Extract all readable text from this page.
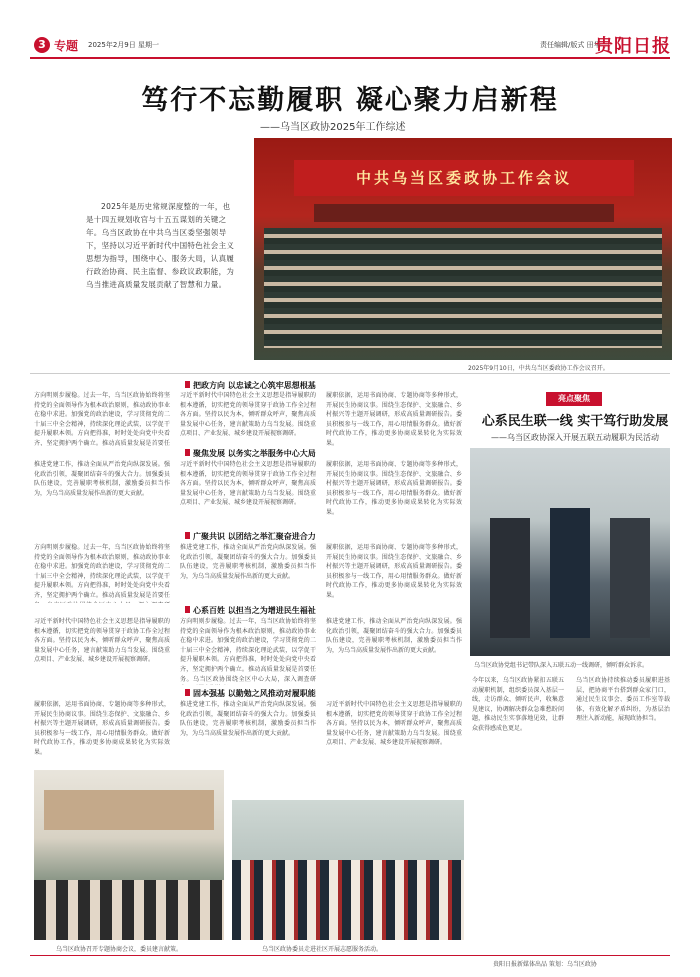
3 专题 2025年2月9日 星期一	责任编辑/版式 田华
贵阳日报
笃行不忘勤履职 凝心聚力启新程
——乌当区政协2025年工作综述
2025年是历史常规深度整的一年，也是十四五规划收官与十五五谋划的关键之年。乌当区政协在中共乌当区委坚强领导下，坚持以习近平新时代中国特色社会主义思想为指导，围绕中心、服务大局，认真履行政治协商、民主监督、参政议政职能，为乌当推进高质量发展贡献了智慧和力量。
中共乌当区委政协工作会议
2025年9月10日，中共乌当区委政协工作会议召开。
把政方向 以忠诚之心筑牢思想根基
方向明则步履稳。过去一年，乌当区政协始终将坚持党的全面领导作为根本政治原则，推动政协事业在稳中求进。加强党的政治建设，学习贯彻党的二十届三中全会精神，持续深化理论武装，以学促干提升履职本领。方向把得准，时时处处向党中央看齐，坚定拥护两个确立。推动高质量发展是首要任
习近平新时代中国特色社会主义思想是指导履职的根本遵循，切实把党的领导贯穿于政协工作全过程各方面。坚持以民为本，倾听群众呼声，聚焦高质量发展中心任务，建言献策助力乌当发展。围绕重点项目、产业发展、城乡建设开展视察调研。
履职依据，运用书面协商、专题协商等多种形式，开展民生协商议事。围绕生态保护、文旅融合、乡村振兴等主题开展调研，形成高质量调研报告。委员积极参与一线工作，用心用情服务群众。做好新时代政协工作，推动更多协商成果转化为实际效果。
聚焦发展 以务实之举服务中心大局
推进党建工作，推动全面从严治党向纵深发展。强化政治引领，凝聚团结奋斗的强大合力。加强委员队伍建设，完善履职考核机制，激励委员担当作为，为乌当高质量发展作出新的更大贡献。
习近平新时代中国特色社会主义思想是指导履职的根本遵循，切实把党的领导贯穿于政协工作全过程各方面。坚持以民为本，倾听群众呼声，聚焦高质量发展中心任务，建言献策助力乌当发展。围绕重点项目、产业发展、城乡建设开展视察调研。
履职依据，运用书面协商、专题协商等多种形式，开展民生协商议事。围绕生态保护、文旅融合、乡村振兴等主题开展调研，形成高质量调研报告。委员积极参与一线工作，用心用情服务群众。做好新时代政协工作，推动更多协商成果转化为实际效果。
广聚共识 以团结之举汇聚奋进合力
方向明则步履稳。过去一年，乌当区政协始终将坚持党的全面领导作为根本政治原则，推动政协事业在稳中求进。加强党的政治建设，学习贯彻党的二十届三中全会精神，持续深化理论武装，以学促干提升履职本领。方向把得准，时时处处向党中央看齐，坚定拥护两个确立。推动高质量发展是首要任
推进党建工作，推动全面从严治党向纵深发展。强化政治引领，凝聚团结奋斗的强大合力。加强委员队伍建设，完善履职考核机制，激励委员担当作为，为乌当高质量发展作出新的更大贡献。
履职依据，运用书面协商、专题协商等多种形式，开展民生协商议事。围绕生态保护、文旅融合、乡村振兴等主题开展调研，形成高质量调研报告。委员积极参与一线工作，用心用情服务群众。做好新时代政协工作，推动更多协商成果转化为实际效果。
心系百姓 以担当之为增进民生福祉
习近平新时代中国特色社会主义思想是指导履职的根本遵循，切实把党的领导贯穿于政协工作全过程各方面。坚持以民为本，倾听群众呼声，聚焦高质量发展中心任务，建言献策助力乌当发展。围绕重点项目、产业发展、城乡建设开展视察调研。
方向明则步履稳。过去一年，乌当区政协始终将坚持党的全面领导作为根本政治原则，推动政协事业在稳中求进。加强党的政治建设，学习贯彻党的二十届三中全会精神，持续深化理论武装，以学促干提升履职本领。方向把得准，时时处处向党中央看齐，坚定拥护两个确立。推动高质量发展是首要任务。乌当区政协围绕全区中心大局，深入调查研
推进党建工作，推动全面从严治党向纵深发展。强化政治引领，凝聚团结奋斗的强大合力。加强委员队伍建设，完善履职考核机制，激励委员担当作为，为乌当高质量发展作出新的更大贡献。
固本强基 以勤勉之风推动对履职能
履职依据，运用书面协商、专题协商等多种形式，开展民生协商议事。围绕生态保护、文旅融合、乡村振兴等主题开展调研，形成高质量调研报告。委员积极参与一线工作，用心用情服务群众。做好新时代政协工作，推动更多协商成果转化为实际效果。
推进党建工作，推动全面从严治党向纵深发展。强化政治引领，凝聚团结奋斗的强大合力。加强委员队伍建设，完善履职考核机制，激励委员担当作为，为乌当高质量发展作出新的更大贡献。
习近平新时代中国特色社会主义思想是指导履职的根本遵循，切实把党的领导贯穿于政协工作全过程各方面。坚持以民为本，倾听群众呼声，聚焦高质量发展中心任务，建言献策助力乌当发展。围绕重点项目、产业发展、城乡建设开展视察调研。
乌当区政协召开专题协商会议，委员建言献策。	乌当区政协委员走进社区开展志愿服务活动。
亮点聚焦
心系民生联一线 实干笃行助发展
——乌当区政协深入开展五联五动履职为民活动
乌当区政协党组书记带队深入五联五动一线调研，倾听群众诉求。
今年以来，乌当区政协紧扣五联五动履职机制，组织委员深入基层一线，走访群众、倾听民声，收集意见建议，协调解决群众急难愁盼问题，推动民生实事落地见效，让群众获得感成色更足。
乌当区政协持续推动委员履职进基层，把协商平台搭到群众家门口，通过民生议事会、委员工作室等载体，有效化解矛盾纠纷，为基层治理注入新动能，展现政协担当。
贵阳日报新媒体出品 策划：乌当区政协
